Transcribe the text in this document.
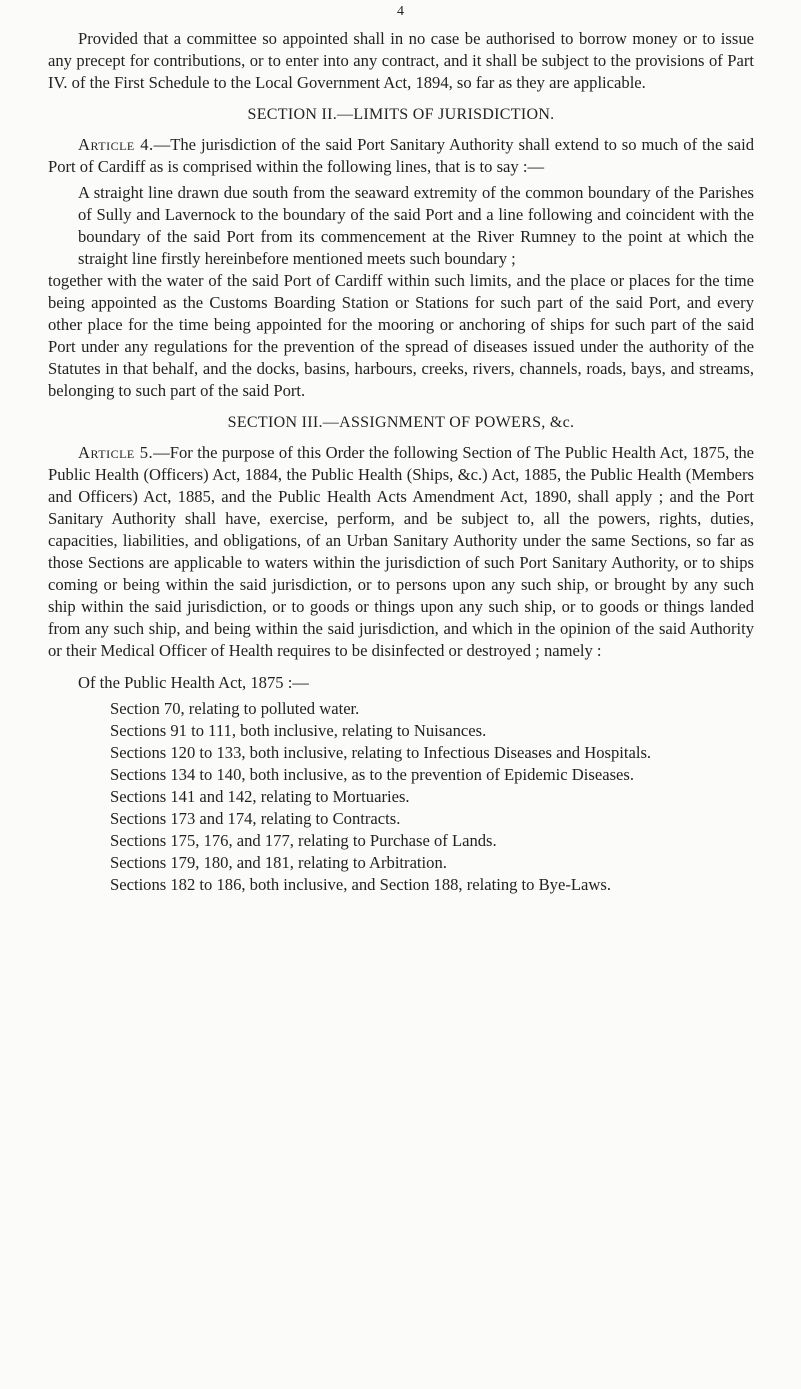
4

Provided that a committee so appointed shall in no case be authorised to borrow money or to issue any precept for contributions, or to enter into any contract, and it shall be subject to the provisions of Part IV. of the First Schedule to the Local Government Act, 1894, so far as they are applicable.

SECTION II.—LIMITS OF JURISDICTION.

Article 4.—The jurisdiction of the said Port Sanitary Authority shall extend to so much of the said Port of Cardiff as is comprised within the following lines, that is to say :—

A straight line drawn due south from the seaward extremity of the common boundary of the Parishes of Sully and Lavernock to the boundary of the said Port and a line following and coincident with the boundary of the said Port from its commencement at the River Rumney to the point at which the straight line firstly hereinbefore mentioned meets such boundary ;

together with the water of the said Port of Cardiff within such limits, and the place or places for the time being appointed as the Customs Boarding Station or Stations for such part of the said Port, and every other place for the time being appointed for the mooring or anchoring of ships for such part of the said Port under any regulations for the prevention of the spread of diseases issued under the authority of the Statutes in that behalf, and the docks, basins, harbours, creeks, rivers, channels, roads, bays, and streams, belonging to such part of the said Port.

SECTION III.—ASSIGNMENT OF POWERS, &c.

Article 5.—For the purpose of this Order the following Section of The Public Health Act, 1875, the Public Health (Officers) Act, 1884, the Public Health (Ships, &c.) Act, 1885, the Public Health (Members and Officers) Act, 1885, and the Public Health Acts Amendment Act, 1890, shall apply ; and the Port Sanitary Authority shall have, exercise, perform, and be subject to, all the powers, rights, duties, capacities, liabilities, and obligations, of an Urban Sanitary Authority under the same Sections, so far as those Sections are applicable to waters within the jurisdiction of such Port Sanitary Authority, or to ships coming or being within the said jurisdiction, or to persons upon any such ship, or brought by any such ship within the said jurisdiction, or to goods or things upon any such ship, or to goods or things landed from any such ship, and being within the said jurisdiction, and which in the opinion of the said Authority or their Medical Officer of Health requires to be disinfected or destroyed ; namely :

Of the Public Health Act, 1875 :—

Section 70, relating to polluted water.
Sections 91 to 111, both inclusive, relating to Nuisances.
Sections 120 to 133, both inclusive, relating to Infectious Diseases and Hospitals.
Sections 134 to 140, both inclusive, as to the prevention of Epidemic Diseases.
Sections 141 and 142, relating to Mortuaries.
Sections 173 and 174, relating to Contracts.
Sections 175, 176, and 177, relating to Purchase of Lands.
Sections 179, 180, and 181, relating to Arbitration.
Sections 182 to 186, both inclusive, and Section 188, relating to Bye-Laws.
